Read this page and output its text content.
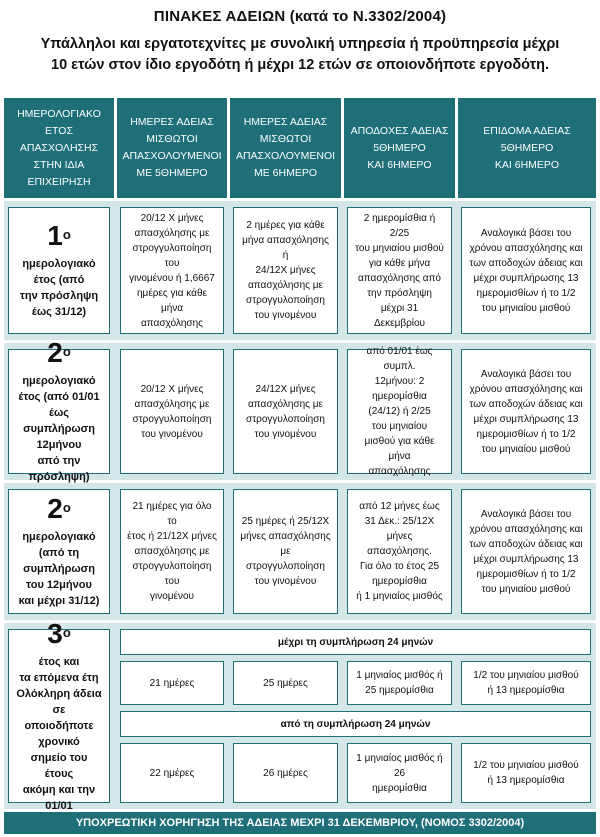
ΠΙΝΑΚΕΣ ΑΔΕΙΩΝ (κατά το Ν.3302/2004)
Υπάλληλοι και εργατοτεχνίτες με συνολική υπηρεσία ή προϋπηρεσία μέχρι
10 ετών στον ίδιο εργοδότη ή μέχρι 12 ετών σε οποιονδήποτε εργοδότη.
ΗΜΕΡΟΛΟΓΙΑΚΟ ΕΤΟΣ
ΑΠΑΣΧΟΛΗΣΗΣ
ΣΤΗΝ ΙΔΙΑ
ΕΠΙΧΕΙΡΗΣΗ
ΗΜΕΡΕΣ ΑΔΕΙΑΣ
ΜΙΣΘΩΤΟΙ
ΑΠΑΣΧΟΛΟΥΜΕΝΟΙ
ΜΕ 5ΘΗΜΕΡΟ
ΗΜΕΡΕΣ ΑΔΕΙΑΣ
ΜΙΣΘΩΤΟΙ
ΑΠΑΣΧΟΛΟΥΜΕΝΟΙ
ΜΕ 6ΗΜΕΡΟ
ΑΠΟΔΟΧΕΣ ΑΔΕΙΑΣ
5ΘΗΜΕΡΟ
ΚΑΙ 6ΗΜΕΡΟ
ΕΠΙΔΟΜΑ ΑΔΕΙΑΣ
5ΘΗΜΕΡΟ
ΚΑΙ 6ΗΜΕΡΟ
$1^o$
ημερολογιακό
έτος (από
την πρόσληψη
έως 31/12)
20/12 Χ μήνες
απασχόλησης με
στρογγυλοποίηση του
γινομένου ή 1,6667
ημέρες για κάθε μήνα
απασχόλησης
2 ημέρες για κάθε
μήνα απασχόλησης ή
24/12Χ μήνες
απασχόλησης με
στρογγυλοποίηση
του γινομένου
2 ημερομίσθια ή 2/25
του μηνιαίου μισθού
για κάθε μήνα
απασχόλησης από
την πρόσληψη μέχρι 31
Δεκεμβρίου
Αναλογικά βάσει του
χρόνου απασχόλησης και
των αποδοχών άδειας και
μέχρι συμπλήρωσης 13
ημερομισθίων ή το 1/2
του μηνιαίου μισθού
$2^o$
ημερολογιακό
έτος (από 01/01 έως
συμπλήρωση 12μήνου
από την πρόσληψη)
20/12 Χ μήνες
απασχόλησης με
στρογγυλοποίηση
του γινομένου
24/12Χ μήνες
απασχόλησης με
στρογγυλοποίηση
του γινομένου
από 01/01 έως συμπλ.
12μήνου: 2 ημερομίσθια
(24/12) ή 2/25
του μηνιαίου
μισθού για κάθε μήνα
απασχόλησης
Αναλογικά βάσει του
χρόνου απασχόλησης και
των αποδοχών άδειας και
μέχρι συμπλήρωσης 13
ημερομισθίων ή το 1/2
του μηνιαίου μισθού
$2^o$
ημερολογιακό
(από τη συμπλήρωση
του 12μήνου
και μέχρι 31/12)
21 ημέρες για όλο το
έτος ή 21/12Χ μήνες
απασχόλησης με
στρογγυλοποίηση του
γινομένου
25 ημέρες ή 25/12Χ
μήνες απασχόλησης
με στρογγυλοποίηση
του γινομένου
από 12 μήνες έως
31 Δεκ.: 25/12Χ μήνες
απασχόλησης.
Για όλο το έτος 25
ημερομίσθια
ή 1 μηνιαίος μισθός
Αναλογικά βάσει του
χρόνου απασχόλησης και
των αποδοχών άδειας και
μέχρι συμπλήρωσης 13
ημερομισθίων ή το 1/2
του μηνιαίου μισθού
$3^o$
έτος και
τα επόμενα έτη
Ολόκληρη άδεια σε
οποιοδήποτε χρονικό
σημείο του έτους
ακόμη και την 01/01
μέχρι τη συμπλήρωση 24 μηνών
21 ημέρες	25 ημέρες
1 μηνιαίος μισθός ή
25 ημερομίσθια
1/2 του μηνιαίου μισθού
ή 13 ημερομίσθια
από τη συμπλήρωση 24 μηνών
22 ημέρες	26 ημέρες
1 μηνιαίος μισθός ή 26
ημερομίσθια
1/2 του μηνιαίου μισθού
ή 13 ημερομίσθια
ΥΠΟΧΡΕΩΤΙΚΗ ΧΟΡΗΓΗΣΗ ΤΗΣ ΑΔΕΙΑΣ ΜΕΧΡΙ 31 ΔΕΚΕΜΒΡΙΟΥ, (ΝΟΜΟΣ 3302/2004)
